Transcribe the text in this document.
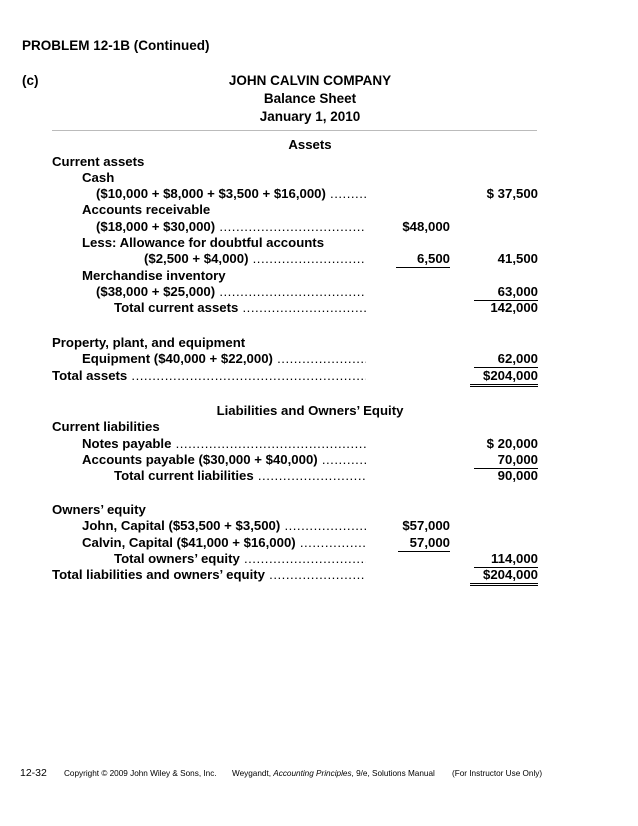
PROBLEM 12-1B (Continued)
(c)	JOHN CALVIN COMPANY
Balance Sheet
January 1, 2010
Assets
Current assets
Cash
($10,000 + $8,000 + $3,500 + $16,000) .....	$ 37,500
Accounts receivable
($18,000 + $30,000) .....	$48,000
Less: Allowance for doubtful accounts
($2,500 + $4,000) .....	6,500	41,500
Merchandise inventory
($38,000 + $25,000) .....	63,000
Total current assets .....	142,000
Property, plant, and equipment
Equipment ($40,000 + $22,000) .....	62,000
Total assets .....	$204,000
Liabilities and Owners’ Equity
Current liabilities
Notes payable .....	$ 20,000
Accounts payable ($30,000 + $40,000) .....	70,000
Total current liabilities .....	90,000
Owners’ equity
John, Capital ($53,500 + $3,500) .....	$57,000
Calvin, Capital ($41,000 + $16,000) .....	57,000
Total owners’ equity .....	114,000
Total liabilities and owners’ equity .....	$204,000
12-32 Copyright © 2009 John Wiley & Sons, Inc. Weygandt, Accounting Principles, 9/e, Solutions Manual (For Instructor Use Only)
